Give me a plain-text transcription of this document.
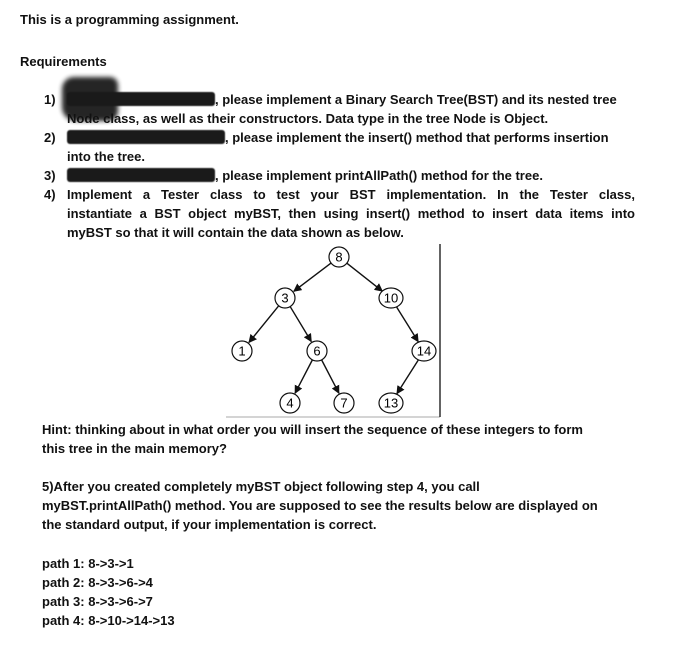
This is a programming assignment.

Requirements

1)	, please implement a Binary Search Tree(BST) and its nested tree
Node class, as well as their constructors. Data type in the tree Node is Object.
2)	, please implement the insert() method that performs insertion
into the tree.
3)	, please implement printAllPath() method for the tree.
4) Implement a Tester class to test your BST implementation. In the Tester class,
instantiate a BST object myBST, then using insert() method to insert data items into
myBST so that it will contain the data shown as below.
8
3	10
1	6	14
4	7	13
Hint: thinking about in what order you will insert the sequence of these integers to form
this tree in the main memory?
5)After you created completely myBST object following step 4, you call
myBST.printAllPath() method. You are supposed to see the results below are displayed on
the standard output, if your implementation is correct.
path 1: 8->3->1
path 2: 8->3->6->4
path 3: 8->3->6->7
path 4: 8->10->14->13
